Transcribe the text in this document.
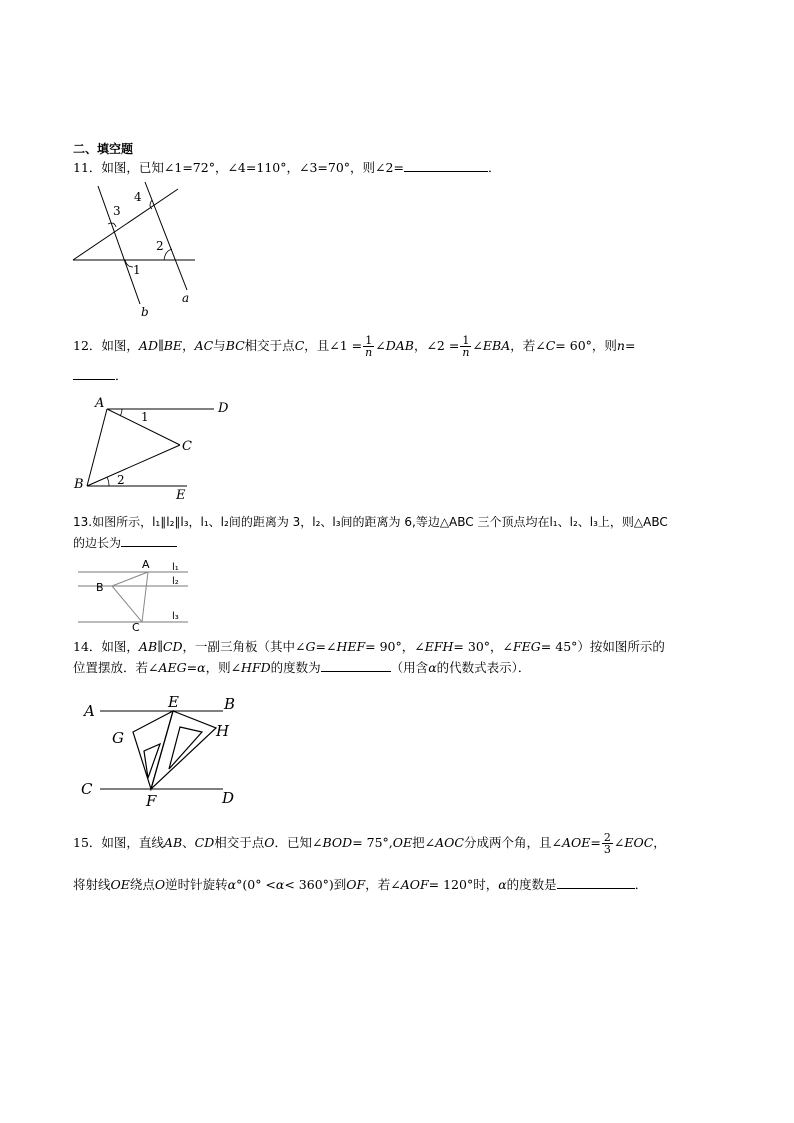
二、填空题
11．如图，已知∠1=72°，∠4=110°，∠3=70°，则∠2=	．
3
4
2
1
b
a
12．如图，AD∥BE，AC与BC相交于点C，且∠1 = $\frac{1}{n}$ ∠DAB，∠2 = $\frac{1}{n}$ ∠EBA，若∠C= 60°，则n=
．
A	D
C
B
E
1
2
13.如图所示，l₁∥l₂∥l₃，l₁、l₂间的距离为 3，l₂、l₃间的距离为 6,等边△ABC 三个顶点均在l₁、l₂、l₃上，则△ABC
的边长为
A
B
C
l₁
l₂
l₃
14．如图，AB∥CD，一副三角板（其中∠G=∠HEF= 90°，∠EFH= 30°，∠FEG= 45°）按如图所示的
位置摆放．若∠AEG=α，则∠HFD的度数为	（用含α的代数式表示）．
A	E	B
G	H
C
F	D
15．如图，直线AB、CD相交于点O．已知∠BOD= 75°,OE把∠AOC分成两个角，且∠AOE= $\frac{2}{3}$ ∠EOC，
将射线OE绕点O逆时针旋转α°(0° <α< 360°)到OF，若∠AOF= 120°时，α的度数是	．
